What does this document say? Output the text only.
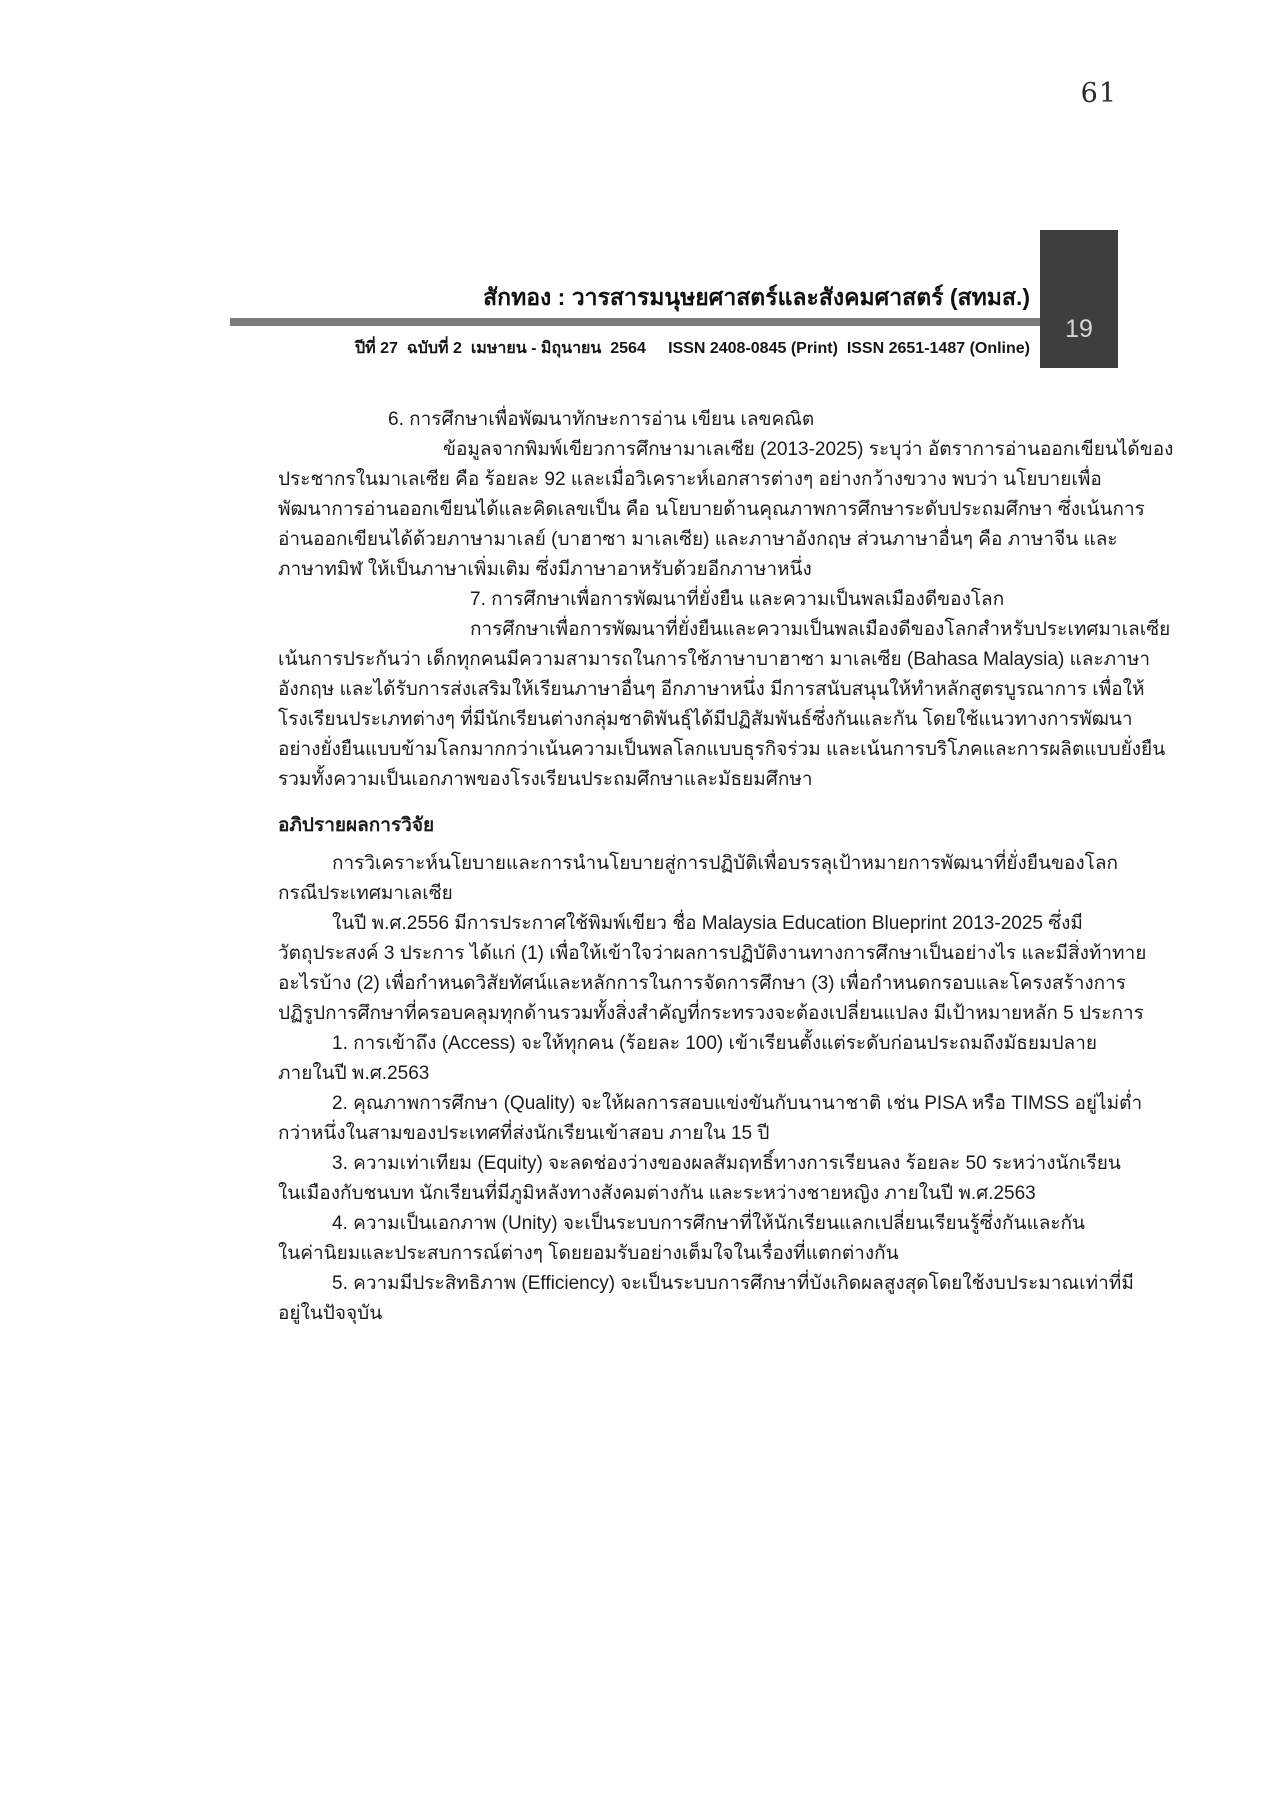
61
สักทอง : วารสารมนุษยศาสตร์และสังคมศาสตร์ (สทมส.)
ปีที่ 27  ฉบับที่ 2  เมษายน - มิถุนายน  2564     ISSN 2408-0845 (Print)  ISSN 2651-1487 (Online)
19
6. การศึกษาเพื่อพัฒนาทักษะการอ่าน เขียน เลขคณิต
ข้อมูลจากพิมพ์เขียวการศึกษามาเลเซีย (2013-2025) ระบุว่า อัตราการอ่านออกเขียนได้ของ
ประชากรในมาเลเซีย คือ ร้อยละ 92 และเมื่อวิเคราะห์เอกสารต่างๆ อย่างกว้างขวาง พบว่า นโยบายเพื่อ
พัฒนาการอ่านออกเขียนได้และคิดเลขเป็น คือ นโยบายด้านคุณภาพการศึกษาระดับประถมศึกษา ซึ่งเน้นการ
อ่านออกเขียนได้ด้วยภาษามาเลย์ (บาฮาซา มาเลเซีย) และภาษาอังกฤษ ส่วนภาษาอื่นๆ คือ ภาษาจีน และ
ภาษาทมิฬ ให้เป็นภาษาเพิ่มเติม ซึ่งมีภาษาอาหรับด้วยอีกภาษาหนึ่ง
7. การศึกษาเพื่อการพัฒนาที่ยั่งยืน และความเป็นพลเมืองดีของโลก
การศึกษาเพื่อการพัฒนาที่ยั่งยืนและความเป็นพลเมืองดีของโลกสำหรับประเทศมาเลเซีย
เน้นการประกันว่า เด็กทุกคนมีความสามารถในการใช้ภาษาบาฮาซา มาเลเซีย (Bahasa Malaysia) และภาษา
อังกฤษ และได้รับการส่งเสริมให้เรียนภาษาอื่นๆ อีกภาษาหนึ่ง มีการสนับสนุนให้ทำหลักสูตรบูรณาการ เพื่อให้
โรงเรียนประเภทต่างๆ ที่มีนักเรียนต่างกลุ่มชาติพันธุ์ได้มีปฏิสัมพันธ์ซึ่งกันและกัน โดยใช้แนวทางการพัฒนา
อย่างยั่งยืนแบบข้ามโลกมากกว่าเน้นความเป็นพลโลกแบบธุรกิจร่วม และเน้นการบริโภคและการผลิตแบบยั่งยืน
รวมทั้งความเป็นเอกภาพของโรงเรียนประถมศึกษาและมัธยมศึกษา
อภิปรายผลการวิจัย
การวิเคราะห์นโยบายและการนำนโยบายสู่การปฏิบัติเพื่อบรรลุเป้าหมายการพัฒนาที่ยั่งยืนของโลก
กรณีประเทศมาเลเซีย
ในปี พ.ศ.2556 มีการประกาศใช้พิมพ์เขียว ชื่อ Malaysia Education Blueprint 2013-2025 ซึ่งมี
วัตถุประสงค์ 3 ประการ ได้แก่ (1) เพื่อให้เข้าใจว่าผลการปฏิบัติงานทางการศึกษาเป็นอย่างไร และมีสิ่งท้าทาย
อะไรบ้าง (2) เพื่อกำหนดวิสัยทัศน์และหลักการในการจัดการศึกษา (3) เพื่อกำหนดกรอบและโครงสร้างการ
ปฏิรูปการศึกษาที่ครอบคลุมทุกด้านรวมทั้งสิ่งสำคัญที่กระทรวงจะต้องเปลี่ยนแปลง มีเป้าหมายหลัก 5 ประการ
1. การเข้าถึง (Access) จะให้ทุกคน (ร้อยละ 100) เข้าเรียนตั้งแต่ระดับก่อนประถมถึงมัธยมปลาย
ภายในปี พ.ศ.2563
2. คุณภาพการศึกษา (Quality) จะให้ผลการสอบแข่งขันกับนานาชาติ เช่น PISA หรือ TIMSS อยู่ไม่ต่ำ
กว่าหนึ่งในสามของประเทศที่ส่งนักเรียนเข้าสอบ ภายใน 15 ปี
3. ความเท่าเทียม (Equity) จะลดช่องว่างของผลสัมฤทธิ์ทางการเรียนลง ร้อยละ 50 ระหว่างนักเรียน
ในเมืองกับชนบท นักเรียนที่มีภูมิหลังทางสังคมต่างกัน และระหว่างชายหญิง ภายในปี พ.ศ.2563
4. ความเป็นเอกภาพ (Unity) จะเป็นระบบการศึกษาที่ให้นักเรียนแลกเปลี่ยนเรียนรู้ซึ่งกันและกัน
ในค่านิยมและประสบการณ์ต่างๆ โดยยอมรับอย่างเต็มใจในเรื่องที่แตกต่างกัน
5. ความมีประสิทธิภาพ (Efficiency) จะเป็นระบบการศึกษาที่บังเกิดผลสูงสุดโดยใช้งบประมาณเท่าที่มี
อยู่ในปัจจุบัน
